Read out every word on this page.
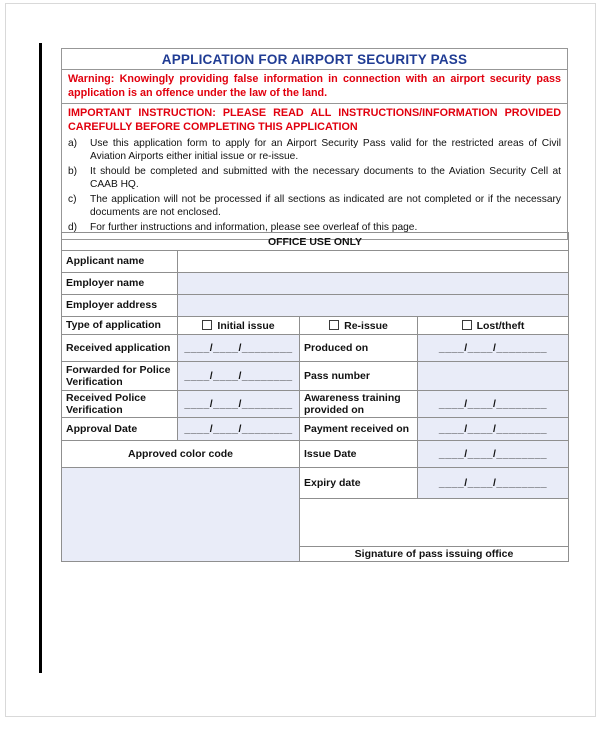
APPLICATION FOR AIRPORT SECURITY PASS
Warning: Knowingly providing false information in connection with an airport security pass application is an offence under the law of the land.
IMPORTANT INSTRUCTION: PLEASE READ ALL INSTRUCTIONS/INFORMATION PROVIDED CAREFULLY BEFORE COMPLETING THIS APPLICATION
a)	Use this application form to apply for an Airport Security Pass valid for the restricted areas of Civil Aviation Airports either initial issue or re-issue.
b)	It should be completed and submitted with the necessary documents to the Aviation Security Cell at CAAB HQ.
c)	The application will not be processed if all sections as indicated are not completed or if the necessary documents are not enclosed.
d)	For further instructions and information, please see overleaf of this page.
OFFICE USE ONLY			
Applicant name			
Employer name			
Employer address			
Type of application	Initial issue	Re-issue	Lost/theft
Received application	____/____/________	Produced on	____/____/________
Forwarded for Police Verification	____/____/________	Pass number	
Received Police Verification	____/____/________	Awareness training provided on	____/____/________
Approval Date	____/____/________	Payment received on	____/____/________
Approved color code		Issue Date	____/____/________
		Expiry date	____/____/________

		Signature of pass issuing office	
